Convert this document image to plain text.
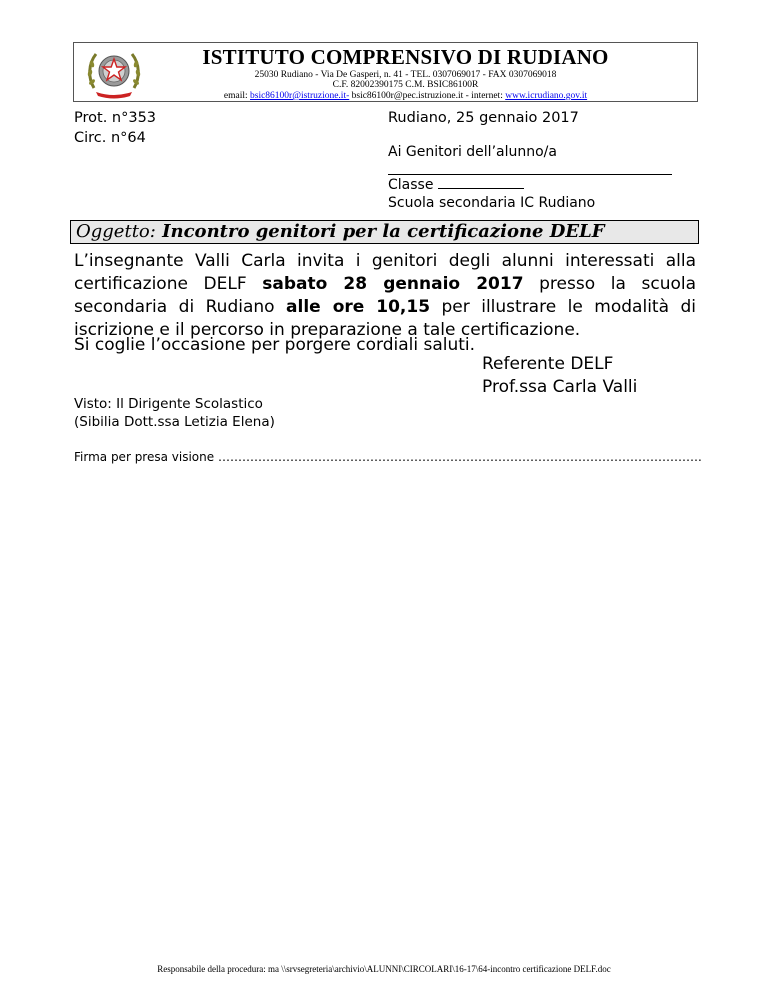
ISTITUTO COMPRENSIVO DI RUDIANO
25030 Rudiano - Via De Gasperi, n. 41 - TEL. 0307069017 - FAX 0307069018
C.F. 82002390175 C.M. BSIC86100R
email: bsic86100r@istruzione.it- bsic86100r@pec.istruzione.it - internet: www.icrudiano.gov.it
Prot. n°353
Circ. n°64
Rudiano, 25 gennaio 2017
Ai Genitori dell’alunno/a
Classe
Scuola secondaria IC Rudiano
Oggetto: Incontro genitori per la certificazione DELF

L’insegnante Valli Carla invita i genitori degli alunni interessati alla certificazione DELF sabato 28 gennaio 2017 presso la scuola secondaria di Rudiano alle ore 10,15 per illustrare le modalità di iscrizione e il percorso in preparazione a tale certificazione.

Si coglie l’occasione per porgere cordiali saluti.
Referente DELF
Prof.ssa Carla Valli
Visto: Il Dirigente Scolastico
(Sibilia Dott.ssa Letizia Elena)
Firma per presa visione ………………………………………………………………………………………………………….
Responsabile della procedura: ma \\srvsegreteria\archivio\ALUNNI\CIRCOLARI\16-17\64-incontro certificazione DELF.doc
